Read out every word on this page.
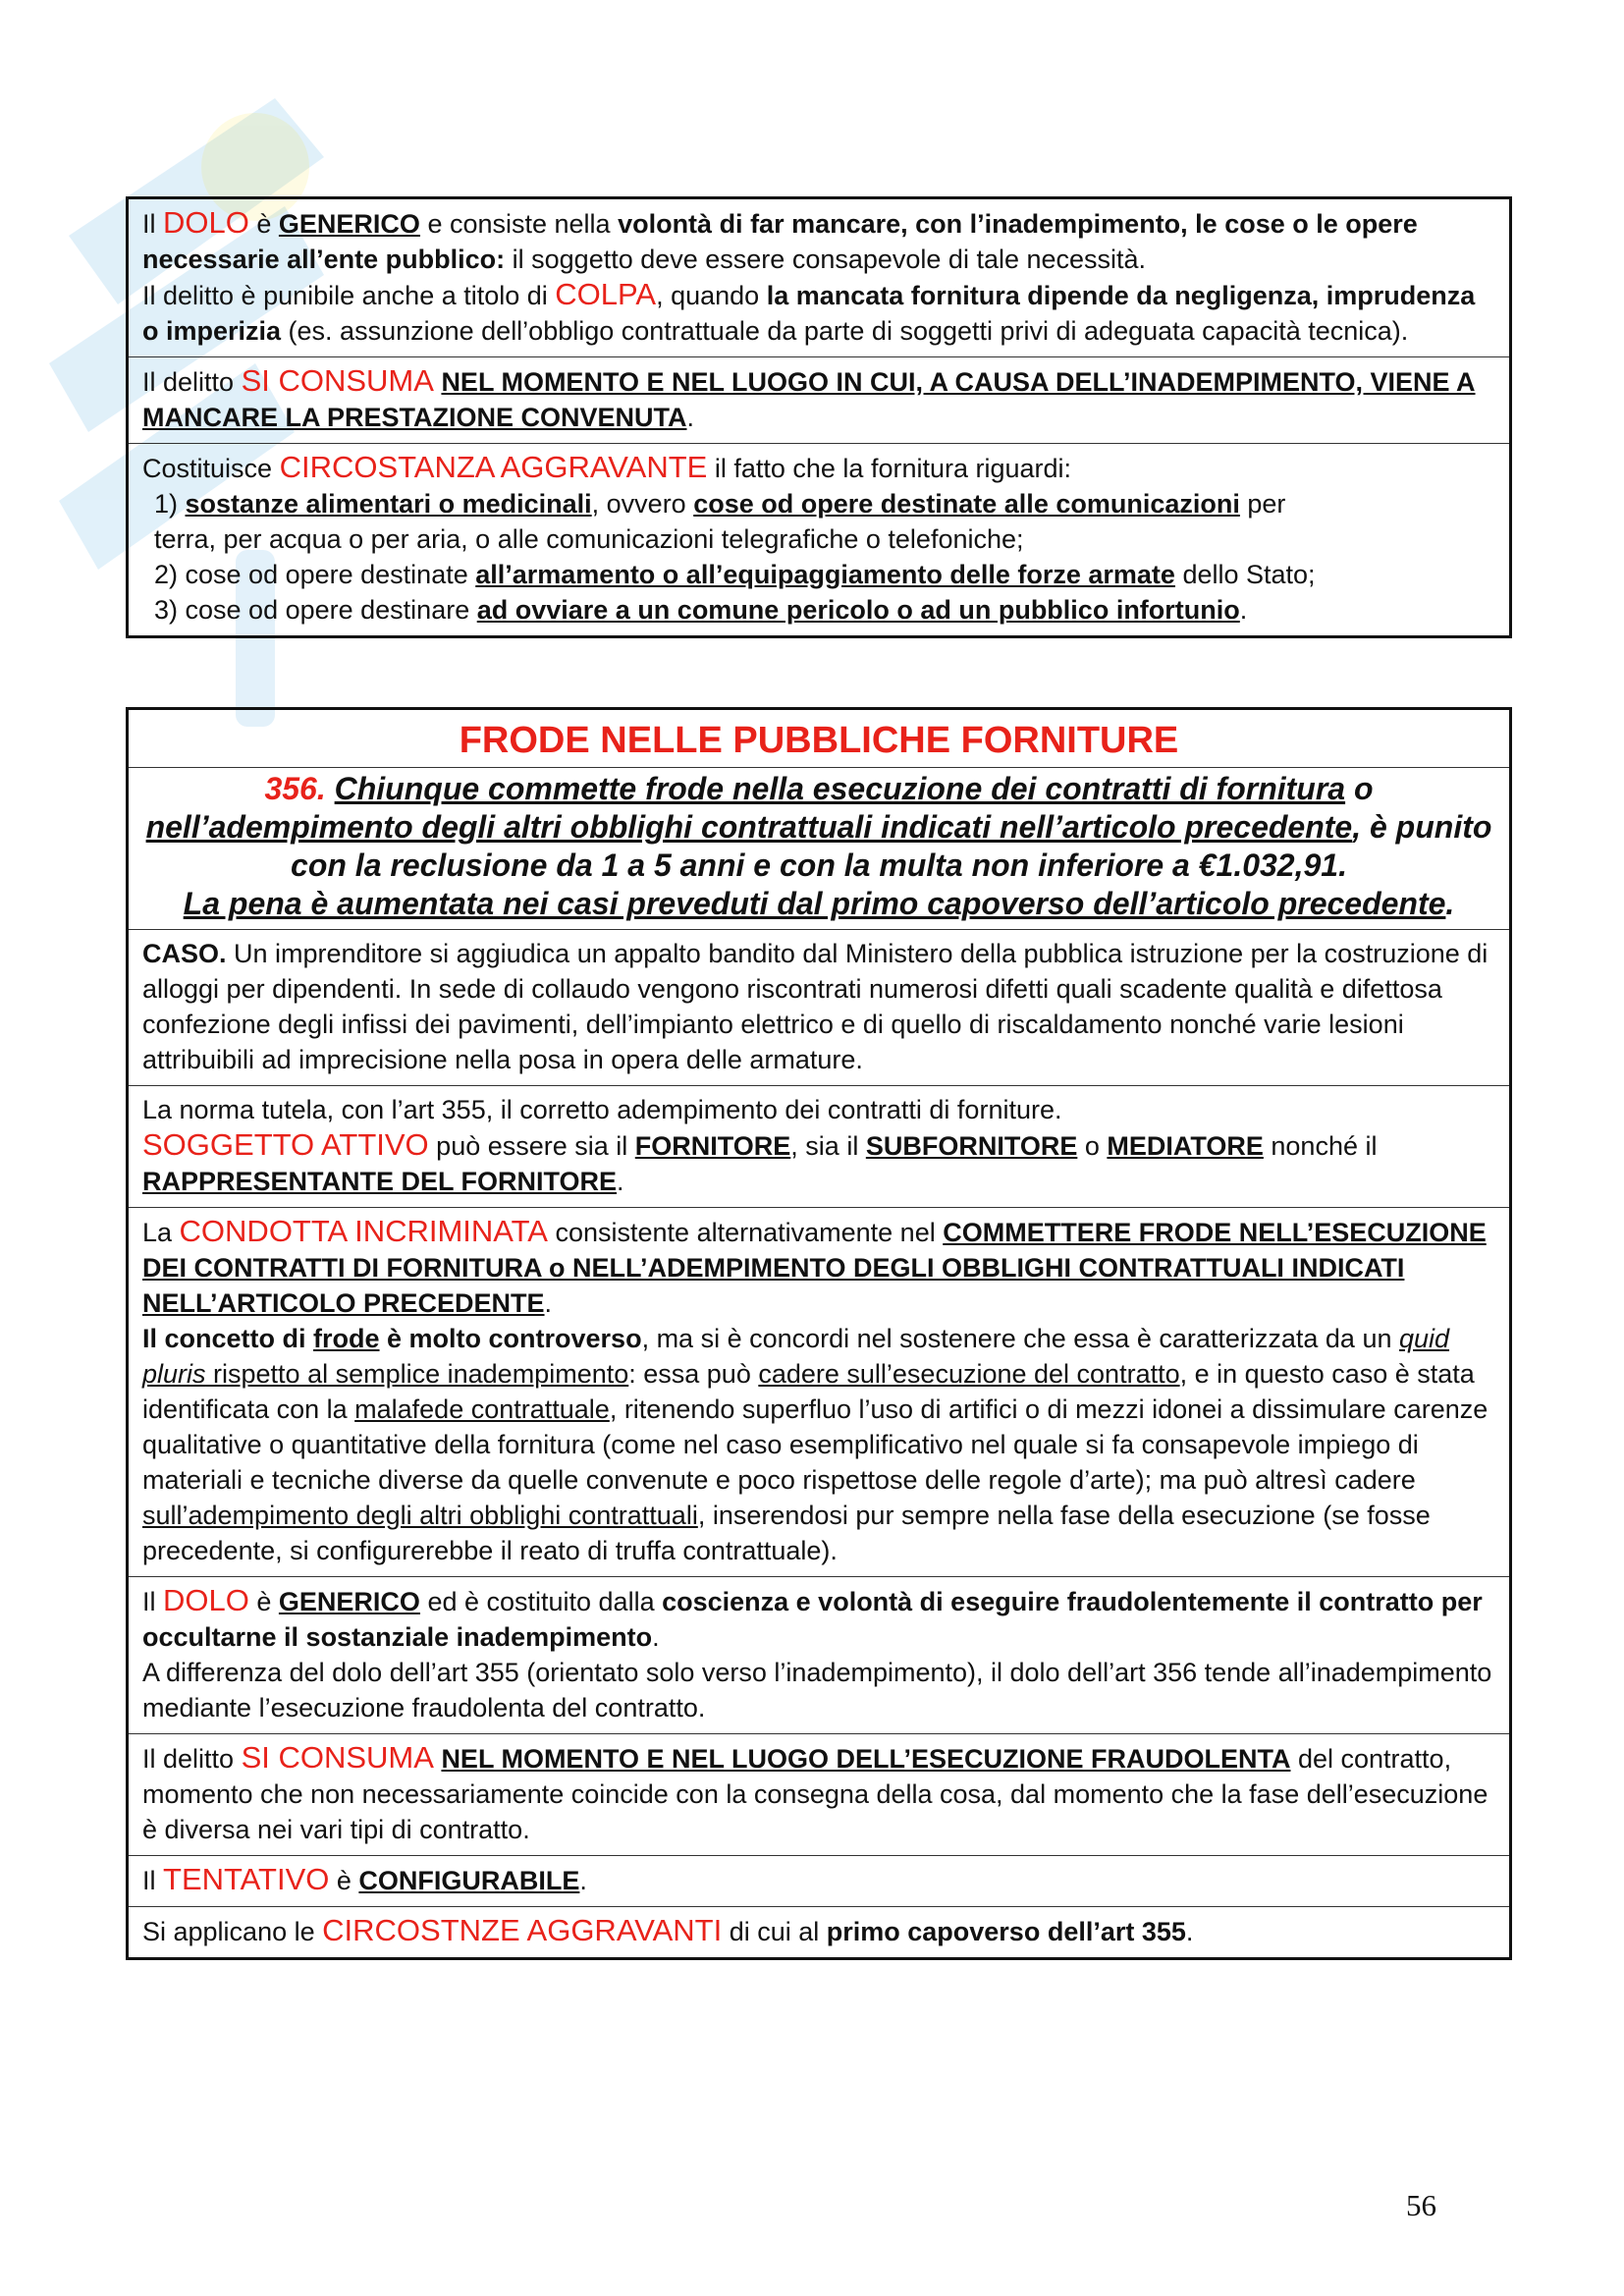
Il DOLO è GENERICO e consiste nella volontà di far mancare, con l’inadempimento, le cose o le opere necessarie all’ente pubblico: il soggetto deve essere consapevole di tale necessità.

Il delitto è punibile anche a titolo di COLPA, quando la mancata fornitura dipende da negligenza, imprudenza o imperizia (es. assunzione dell’obbligo contrattuale da parte di soggetti privi di adeguata capacità tecnica).

Il delitto SI CONSUMA NEL MOMENTO E NEL LUOGO IN CUI, A CAUSA DELL’INADEMPIMENTO, VIENE A MANCARE LA PRESTAZIONE CONVENUTA.

Costituisce CIRCOSTANZA AGGRAVANTE il fatto che la fornitura riguardi:

1) sostanze alimentari o medicinali, ovvero cose od opere destinate alle comunicazioni per
terra, per acqua o per aria, o alle comunicazioni telegrafiche o telefoniche;
2) cose od opere destinate all’armamento o all’equipaggiamento delle forze armate dello Stato;
3) cose od opere destinare ad ovviare a un comune pericolo o ad un pubblico infortunio.
FRODE NELLE PUBBLICHE FORNITURE
356. Chiunque commette frode nella esecuzione dei contratti di fornitura o nell’adempimento degli altri obblighi contrattuali indicati nell’articolo precedente, è punito con la reclusione da 1 a 5 anni e con la multa non inferiore a €1.032,91.
La pena è aumentata nei casi preveduti dal primo capoverso dell’articolo precedente.

CASO. Un imprenditore si aggiudica un appalto bandito dal Ministero della pubblica istruzione per la costruzione di alloggi per dipendenti. In sede di collaudo vengono riscontrati numerosi difetti quali scadente qualità e difettosa confezione degli infissi dei pavimenti, dell’impianto elettrico e di quello di riscaldamento nonché varie lesioni attribuibili ad imprecisione nella posa in opera delle armature.

La norma tutela, con l’art 355, il corretto adempimento dei contratti di forniture.

SOGGETTO ATTIVO può essere sia il FORNITORE, sia il SUBFORNITORE o MEDIATORE nonché il RAPPRESENTANTE DEL FORNITORE.

La CONDOTTA INCRIMINATA consistente alternativamente nel COMMETTERE FRODE NELL’ESECUZIONE DEI CONTRATTI DI FORNITURA o NELL’ADEMPIMENTO DEGLI OBBLIGHI CONTRATTUALI INDICATI NELL’ARTICOLO PRECEDENTE.

Il concetto di frode è molto controverso, ma si è concordi nel sostenere che essa è caratterizzata da un quid pluris rispetto al semplice inadempimento: essa può cadere sull’esecuzione del contratto, e in questo caso è stata identificata con la malafede contrattuale, ritenendo superfluo l’uso di artifici o di mezzi idonei a dissimulare carenze qualitative o quantitative della fornitura (come nel caso esemplificativo nel quale si fa consapevole impiego di materiali e tecniche diverse da quelle convenute e poco rispettose delle regole d’arte); ma può altresì cadere sull’adempimento degli altri obblighi contrattuali, inserendosi pur sempre nella fase della esecuzione (se fosse precedente, si configurerebbe il reato di truffa contrattuale).

Il DOLO è GENERICO ed è costituito dalla coscienza e volontà di eseguire fraudolentemente il contratto per occultarne il sostanziale inadempimento.

A differenza del dolo dell’art 355 (orientato solo verso l’inadempimento), il dolo dell’art 356 tende all’inadempimento mediante l’esecuzione fraudolenta del contratto.

Il delitto SI CONSUMA NEL MOMENTO E NEL LUOGO DELL’ESECUZIONE FRAUDOLENTA del contratto, momento che non necessariamente coincide con la consegna della cosa, dal momento che la fase dell’esecuzione è diversa nei vari tipi di contratto.

Il TENTATIVO è CONFIGURABILE.

Si applicano le CIRCOSTNZE AGGRAVANTI di cui al primo capoverso dell’art 355.

56
